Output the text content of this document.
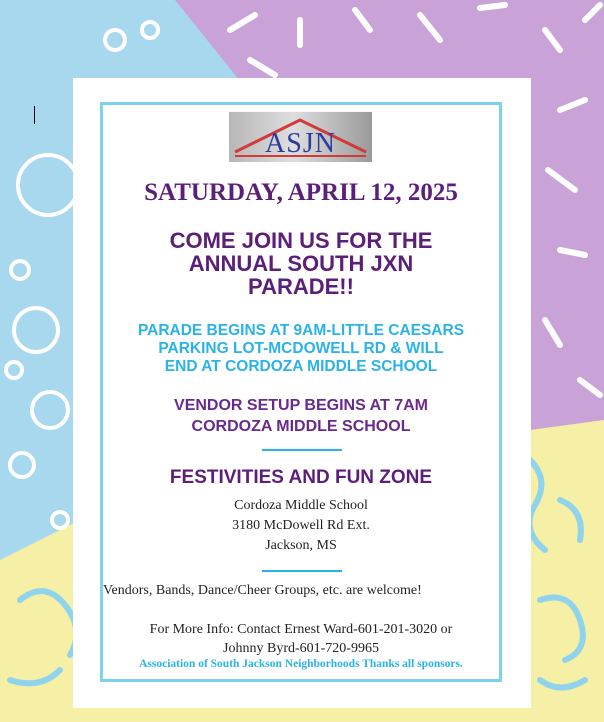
ASJN
SATURDAY, APRIL 12, 2025
COME JOIN US FOR THE
ANNUAL SOUTH JXN
PARADE!!
PARADE BEGINS AT 9AM-LITTLE CAESARS
PARKING LOT-MCDOWELL RD & WILL
END AT CORDOZA MIDDLE SCHOOL
VENDOR SETUP BEGINS AT 7AM
CORDOZA MIDDLE SCHOOL
FESTIVITIES AND FUN ZONE
Cordoza Middle School
3180 McDowell Rd Ext.
Jackson, MS
Vendors, Bands, Dance/Cheer Groups, etc. are welcome!
For More Info: Contact Ernest Ward-601-201-3020 or
Johnny Byrd-601-720-9965
Association of South Jackson Neighborhoods Thanks all sponsors.
